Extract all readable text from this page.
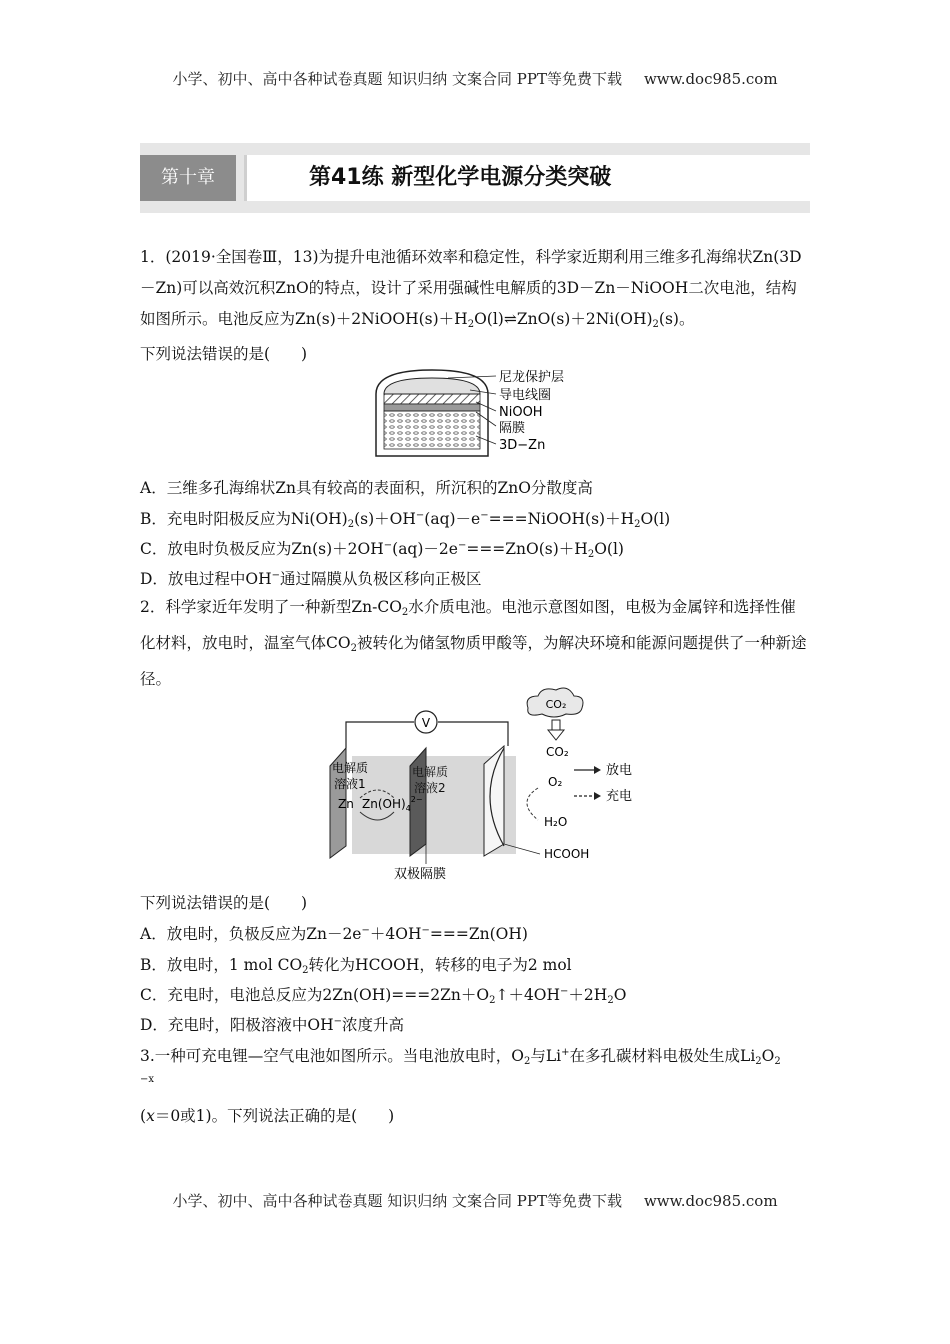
小学、初中、高中各种试卷真题 知识归纳 文案合同 PPT等免费下载 www.doc985.com
第十章	第41练 新型化学电源分类突破

1．(2019·全国卷Ⅲ，13)为提升电池循环效率和稳定性，科学家近期利用三维多孔海绵状Zn(3D－Zn)可以高效沉积ZnO的特点，设计了采用强碱性电解质的3D－Zn－NiOOH二次电池，结构如图所示。电池反应为$Zn(s)+2NiOOH(s)+H_2O(l)\rightleftharpoons ZnO(s)+2Ni(OH)_2(s)$。

下列说法错误的是(　　)
尼龙保护层
导电线圈
NiOOH
隔膜
3D−Zn
A．三维多孔海绵状Zn具有较高的表面积，所沉积的ZnO分散度高
B．充电时阳极反应为$Ni(OH)_2(s)+OH^-(aq)-e^-===NiOOH(s)+H_2O(l)$
C．放电时负极反应为$Zn(s)+2OH^-(aq)-2e^-===ZnO(s)+H_2O(l)$
D．放电过程中OH−通过隔膜从负极区移向正极区

2．科学家近年发明了一种新型$Zn-CO_2$水介质电池。电池示意图如图，电极为金属锌和选择性催化材料，放电时，温室气体$CO_2$被转化为储氢物质甲酸等，为解决环境和能源问题提供了一种新途径。

V
电解质
溶液1
Zn $Zn(OH)_4^{2-}$
电解质
溶液2
双极隔膜
CO₂
CO₂
O₂
H₂O
HCOOH
放电
充电
下列说法错误的是(　　)
A．放电时，负极反应为Zn－2e−＋4OH−===Zn(OH)
B．放电时，1 mol $CO_2$转化为HCOOH，转移的电子为2 mol
C．充电时，电池总反应为$2Zn(OH)===2Zn+O_2↑+4OH^-+2H_2O$
D．充电时，阳极溶液中OH−浓度升高
3.一种可充电锂—空气电池如图所示。当电池放电时，$O_2$与Li+在多孔碳材料电极处生成$Li_2O_2$
−x
(x＝0或1)。下列说法正确的是(　　)
小学、初中、高中各种试卷真题 知识归纳 文案合同 PPT等免费下载 www.doc985.com
